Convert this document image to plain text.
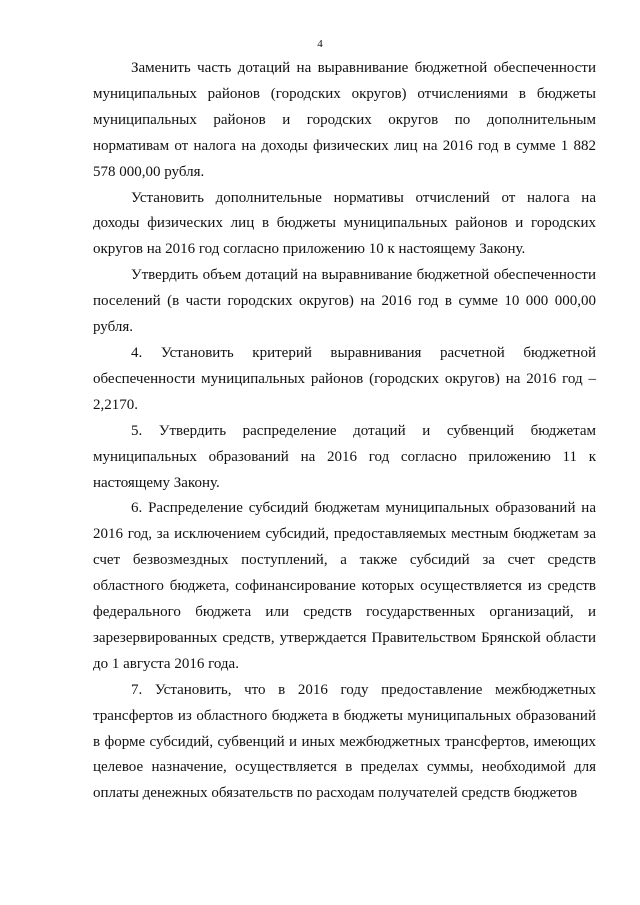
4

Заменить часть дотаций на выравнивание бюджетной обеспеченности муниципальных районов (городских округов) отчислениями в бюджеты муниципальных районов и городских округов по дополнительным нормативам от налога на доходы физических лиц на 2016 год в сумме 1 882 578 000,00 рубля.

Установить дополнительные нормативы отчислений от налога на доходы физических лиц в бюджеты муниципальных районов и городских округов на 2016 год согласно приложению 10 к настоящему Закону.

Утвердить объем дотаций на выравнивание бюджетной обеспеченности поселений (в части городских округов) на 2016 год в сумме 10 000 000,00 рубля.

4. Установить критерий выравнивания расчетной бюджетной обеспеченности муниципальных районов (городских округов) на 2016 год – 2,2170.

5. Утвердить распределение дотаций и субвенций бюджетам муниципальных образований на 2016 год согласно приложению 11 к настоящему Закону.

6. Распределение субсидий бюджетам муниципальных образований на 2016 год, за исключением субсидий, предоставляемых местным бюджетам за счет безвозмездных поступлений, а также субсидий за счет средств областного бюджета, софинансирование которых осуществляется из средств федерального бюджета или средств государственных организаций, и зарезервированных средств, утверждается Правительством Брянской области до 1 августа 2016 года.

7. Установить, что в 2016 году предоставление межбюджетных трансфертов из областного бюджета в бюджеты муниципальных образований в форме субсидий, субвенций и иных межбюджетных трансфертов, имеющих целевое назначение, осуществляется в пределах суммы, необходимой для оплаты денежных обязательств по расходам получателей средств бюджетов
